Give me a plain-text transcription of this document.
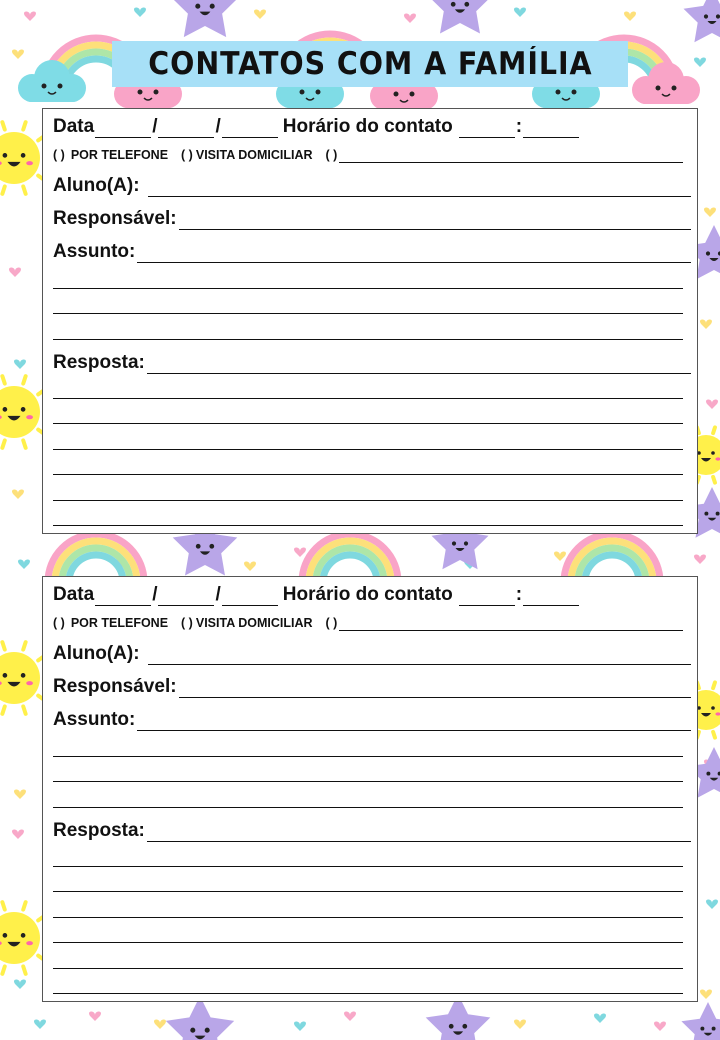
CONTATOS COM A FAMÍLIA
Data	/	/	Horário do contato	:
( ) POR TELEFONE ( ) VISITA DOMICILIAR ( )
Aluno(A):
Responsável:
Assunto:
Resposta:
Data	/	/	Horário do contato	:
( ) POR TELEFONE ( ) VISITA DOMICILIAR ( )
Aluno(A):
Responsável:
Assunto:
Resposta:
